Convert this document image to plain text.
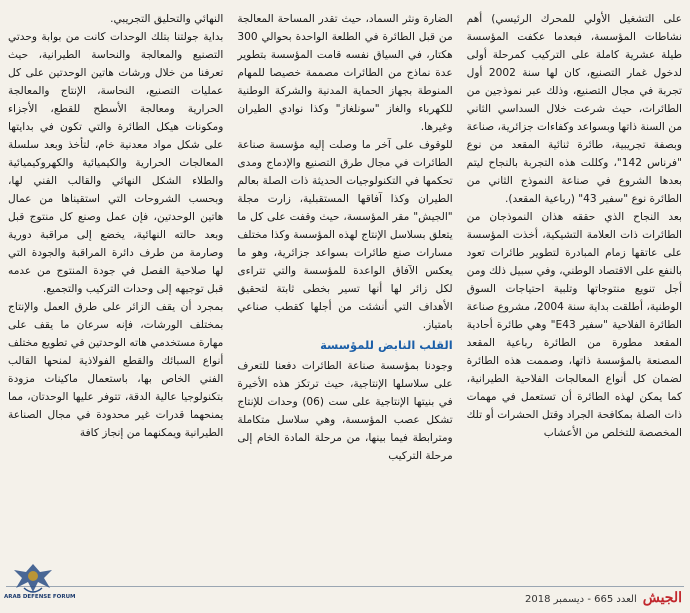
على التشغيل الأولي للمحرك الرئيسي) أهم نشاطات المؤسسة، فبعدما عكفت المؤسسة طيلة عشرية كاملة على التركيب كمرحلة أولى لدخول غمار التصنيع، كان لها سنة 2002 أول تجربة في مجال التصنيع، وذلك عبر نموذجين من الطائرات، حيث شرعت خلال السداسي الثاني من السنة ذاتها وبسواعد وكفاءات جزائرية، صناعة وبصفة تجريبية، طائرة ثنائية المقعد من نوع "فرناس 142"، وكللت هذه التجربة بالنجاح ليتم بعدها الشروع في صناعة النموذج الثاني من الطائرة نوع "سفير 43" (رباعية المقعد).

بعد النجاح الذي حققه هذان النموذجان من الطائرات ذات العلامة التشيكية، أخذت المؤسسة على عاتقها زمام المبادرة لتطوير طائرات تعود بالنفع على الاقتصاد الوطني، وفي سبيل ذلك ومن أجل تنويع منتوجاتها وتلبية احتياجات السوق الوطنية، أطلقت بداية سنة 2004، مشروع صناعة الطائرة الفلاحية "سفير E43" وهي طائرة أحادية المقعد مطورة من الطائرة رباعية المقعد المصنعة بالمؤسسة ذاتها، وصممت هذه الطائرة لضمان كل أنواع المعالجات الفلاحية الطيرانية، كما يمكن لهذه الطائرة أن تستعمل في مهمات ذات الصلة بمكافحة الجراد وقتل الحشرات أو تلك المخصصة للتخلص من الأعشاب

الضارة ونثر السماد، حيث تقدر المساحة المعالجة من قبل الطائرة في الطلعة الواحدة بحوالي 300 هكتار، في السياق نفسه قامت المؤسسة بتطوير عدة نماذج من الطائرات مصممة خصيصا للمهام المنوطة بجهاز الحماية المدنية والشركة الوطنية للكهرباء والغاز "سونلغاز" وكذا نوادي الطيران وغيرها.

للوقوف على آخر ما وصلت إليه مؤسسة صناعة الطائرات في مجال طرق التصنيع والإدماج ومدى تحكمها في التكنولوجيات الحديثة ذات الصلة بعالم الطيران وكذا آفاقها المستقبلية، زارت مجلة "الجيش" مقر المؤسسة، حيث وقفت على كل ما يتعلق بسلاسل الإنتاج لهذه المؤسسة وكذا مختلف مسارات صنع طائرات بسواعد جزائرية، وهو ما يعكس الآفاق الواعدة للمؤسسة والتي تتراءى لكل زائر لها أنها تسير بخطى ثابتة لتحقيق الأهداف التي أنشئت من أجلها كقطب صناعي بامتياز.

القلب النابض للمؤسسة

وجودنا بمؤسسة صناعة الطائرات دفعنا للتعرف على سلاسلها الإنتاجية، حيث ترتكز هذه الأخيرة في بنيتها الإنتاجية على ست (06) وحدات للإنتاج تشكل عصب المؤسسة، وهي سلاسل متكاملة ومترابطة فيما بينها، من مرحلة المادة الخام إلى مرحلة التركيب

النهائي والتحليق التجريبي.

بداية جولتنا بتلك الوحدات كانت من بوابة وحدتي التصنيع والمعالجة والنحاسة الطيرانية، حيث تعرفنا من خلال ورشات هاتين الوحدتين على كل عمليات التصنيع، النحاسة، الإنتاج والمعالجة الحرارية ومعالجة الأسطح للقطع، الأجزاء ومكونات هيكل الطائرة والتي تكون في بدايتها على شكل مواد معدنية خام، لتأخذ وبعد سلسلة المعالجات الحرارية والكيميائية والكهروكيميائية والطلاء الشكل النهائي والقالب الفني لها، وبحسب الشروحات التي استقيناها من عمال هاتين الوحدتين، فإن عمل وصنع كل منتوج قبل وبعد حالته النهائية، يخضع إلى مراقبة دورية وصارمة من طرف دائرة المراقبة والجودة التي لها صلاحية الفصل في جودة المنتوج من عدمه قبل توجيهه إلى وحدات التركيب والتجميع.

بمجرد أن يقف الزائر على طرق العمل والإنتاج بمختلف الورشات، فإنه سرعان ما يقف على مهارة مستخدمي هاته الوحدتين في تطويع مختلف أنواع السبائك والقطع الفولاذية لمنحها القالب الفني الخاص بها، باستعمال ماكينات مزودة بتكنولوجيا عالية الدقة، تتوفر عليها الوحدتان، مما يمنحهما قدرات غير محدودة في مجال الصناعة الطيرانية ويمكنهما من إنجاز كافة

الجيش
العدد 665 - ديسمبر 2018
ARAB DEFENSE FORUM
